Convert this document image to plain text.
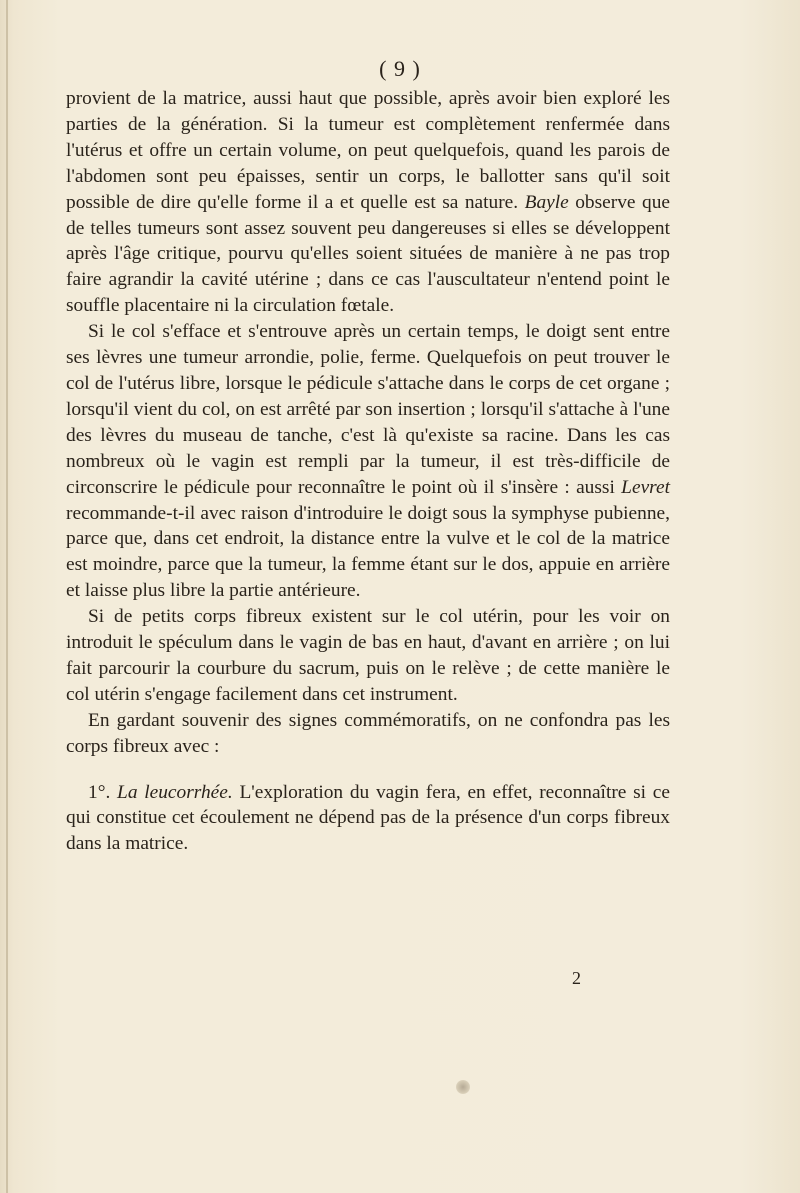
( 9 )

provient de la matrice, aussi haut que possible, après avoir bien exploré les parties de la génération. Si la tumeur est complètement renfermée dans l'utérus et offre un certain volume, on peut quelquefois, quand les parois de l'abdomen sont peu épaisses, sentir un corps, le ballotter sans qu'il soit possible de dire qu'elle forme il a et quelle est sa nature. Bayle observe que de telles tumeurs sont assez souvent peu dangereuses si elles se développent après l'âge critique, pourvu qu'elles soient situées de manière à ne pas trop faire agrandir la cavité utérine ; dans ce cas l'auscultateur n'entend point le souffle placentaire ni la circulation fœtale.

Si le col s'efface et s'entrouve après un certain temps, le doigt sent entre ses lèvres une tumeur arrondie, polie, ferme. Quelquefois on peut trouver le col de l'utérus libre, lorsque le pédicule s'attache dans le corps de cet organe ; lorsqu'il vient du col, on est arrêté par son insertion ; lorsqu'il s'attache à l'une des lèvres du museau de tanche, c'est là qu'existe sa racine. Dans les cas nombreux où le vagin est rempli par la tumeur, il est très-difficile de circonscrire le pédicule pour reconnaître le point où il s'insère : aussi Levret recommande-t-il avec raison d'introduire le doigt sous la symphyse pubienne, parce que, dans cet endroit, la distance entre la vulve et le col de la matrice est moindre, parce que la tumeur, la femme étant sur le dos, appuie en arrière et laisse plus libre la partie antérieure.

Si de petits corps fibreux existent sur le col utérin, pour les voir on introduit le spéculum dans le vagin de bas en haut, d'avant en arrière ; on lui fait parcourir la courbure du sacrum, puis on le relève ; de cette manière le col utérin s'engage facilement dans cet instrument.

En gardant souvenir des signes commémoratifs, on ne confondra pas les corps fibreux avec :

1°. La leucorrhée. L'exploration du vagin fera, en effet, reconnaître si ce qui constitue cet écoulement ne dépend pas de la présence d'un corps fibreux dans la matrice.

2
